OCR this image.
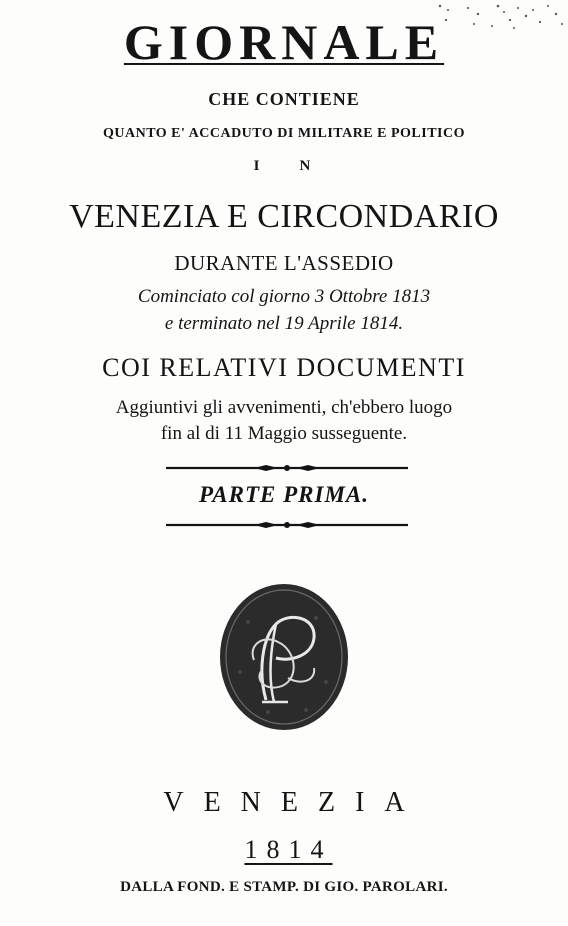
GIORNALE

CHE CONTIENE

QUANTO E' ACCADUTO DI MILITARE E POLITICO

IN

VENEZIA E CIRCONDARIO

DURANTE L'ASSEDIO

Cominciato col giorno 3 Ottobre 1813

e terminato nel 19 Aprile 1814.

COI RELATIVI DOCUMENTI

Aggiuntivi gli avvenimenti, ch'ebbero luogo

fin al di 11 Maggio susseguente.

PARTE PRIMA.

VENEZIA

1814

DALLA FOND. E STAMP. DI GIO. PAROLARI.
